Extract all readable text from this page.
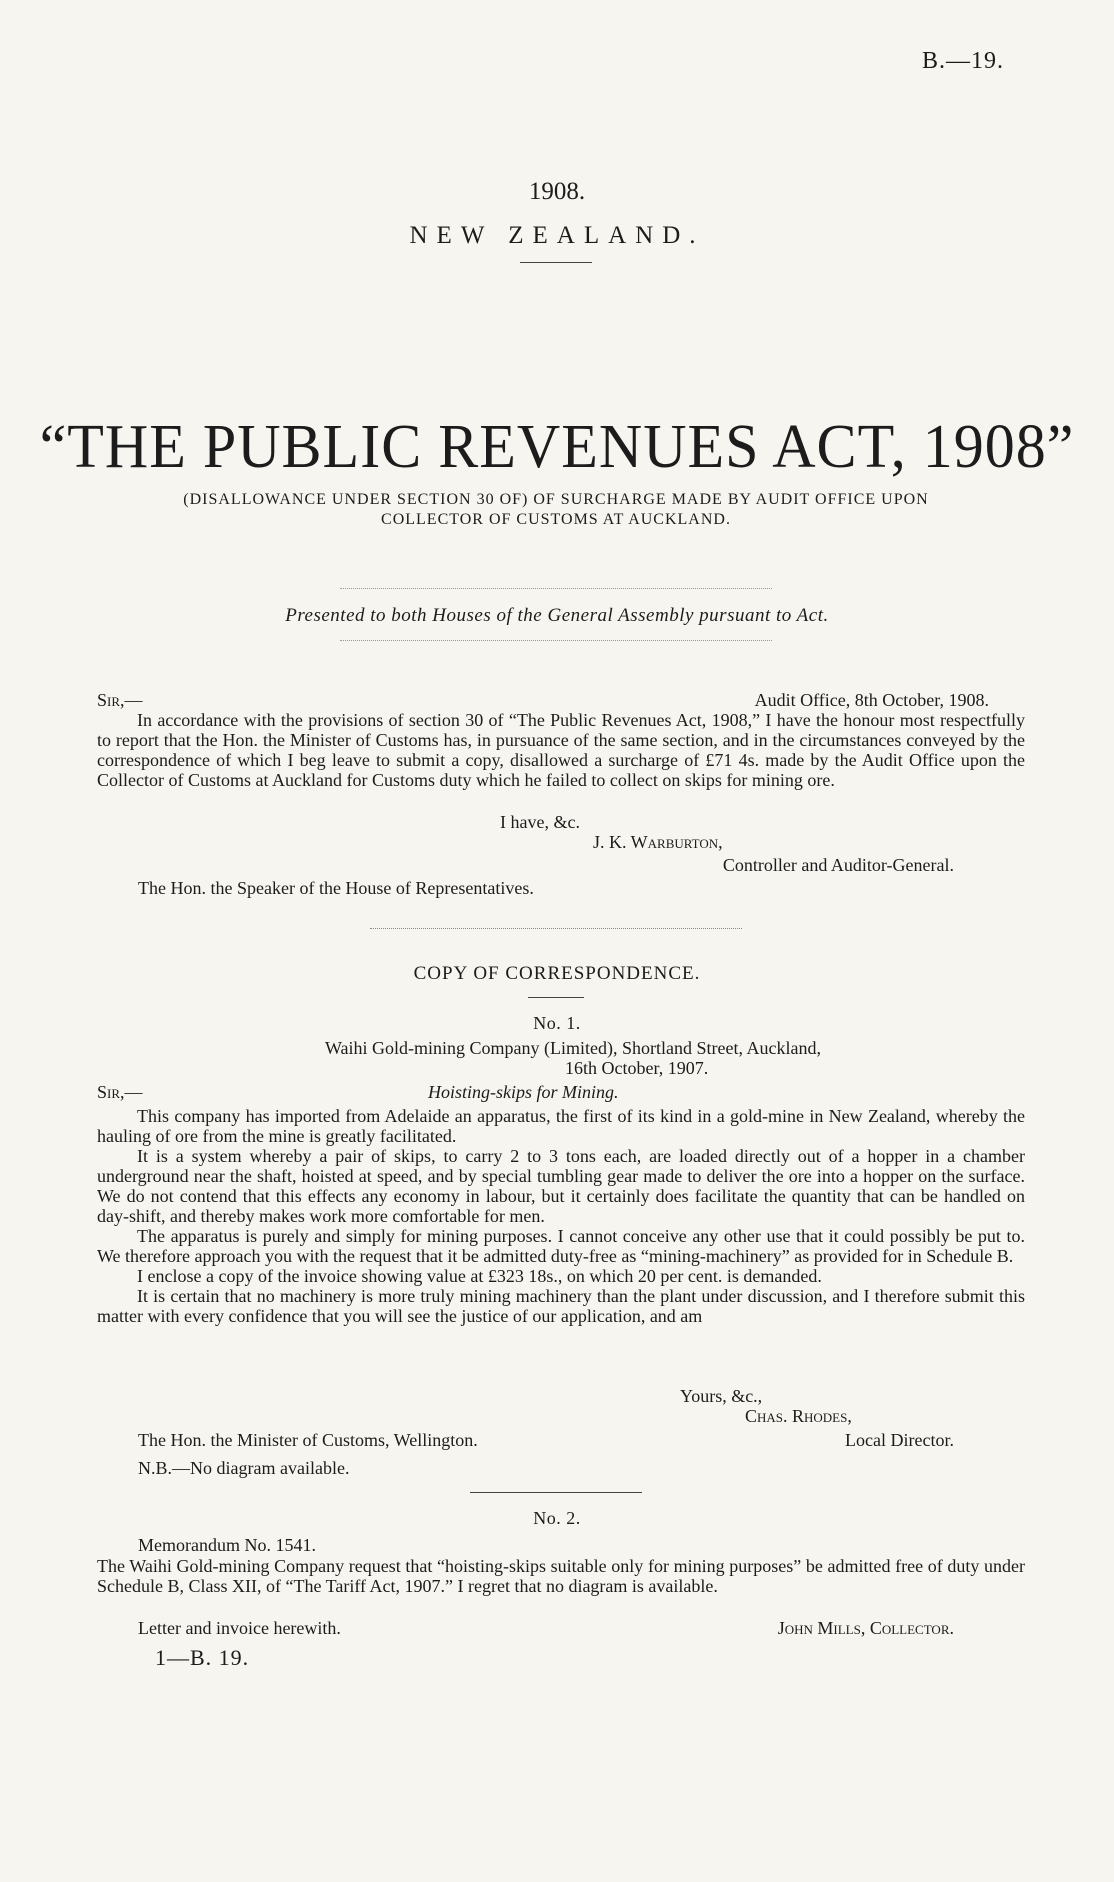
B.—19.
1908.
NEW ZEALAND.
“THE PUBLIC REVENUES ACT, 1908”
(DISALLOWANCE UNDER SECTION 30 OF) OF SURCHARGE MADE BY AUDIT OFFICE UPON
COLLECTOR OF CUSTOMS AT AUCKLAND.
Presented to both Houses of the General Assembly pursuant to Act.
Sir,—	Audit Office, 8th October, 1908.

In accordance with the provisions of section 30 of “The Public Revenues Act, 1908,” I have the honour most respectfully to report that the Hon. the Minister of Customs has, in pursuance of the same section, and in the circumstances conveyed by the correspondence of which I beg leave to submit a copy, disallowed a surcharge of £71 4s. made by the Audit Office upon the Collector of Customs at Auckland for Customs duty which he failed to collect on skips for mining ore.

I have, &c.
J. K. Warburton,
Controller and Auditor-General.
The Hon. the Speaker of the House of Representatives.
COPY OF CORRESPONDENCE.
No. 1.
Waihi Gold-mining Company (Limited), Shortland Street, Auckland,
16th October, 1907.
Sir,—	Hoisting-skips for Mining.

This company has imported from Adelaide an apparatus, the first of its kind in a gold-mine in New Zealand, whereby the hauling of ore from the mine is greatly facilitated.

It is a system whereby a pair of skips, to carry 2 to 3 tons each, are loaded directly out of a hopper in a chamber underground near the shaft, hoisted at speed, and by special tumbling gear made to deliver the ore into a hopper on the surface. We do not contend that this effects any economy in labour, but it certainly does facilitate the quantity that can be handled on day-shift, and thereby makes work more comfortable for men.

The apparatus is purely and simply for mining purposes. I cannot conceive any other use that it could possibly be put to. We therefore approach you with the request that it be admitted duty-free as “mining-machinery” as provided for in Schedule B.

I enclose a copy of the invoice showing value at £323 18s., on which 20 per cent. is demanded.

It is certain that no machinery is more truly mining machinery than the plant under discussion, and I therefore submit this matter with every confidence that you will see the justice of our application, and am

Yours, &c.,
Chas. Rhodes,
Local Director.
The Hon. the Minister of Customs, Wellington.
N.B.—No diagram available.
No. 2.
Memorandum No. 1541.

The Waihi Gold-mining Company request that “hoisting-skips suitable only for mining purposes” be admitted free of duty under Schedule B, Class XII, of “The Tariff Act, 1907.” I regret that no diagram is available.

Letter and invoice herewith.	John Mills, Collector.
1—B. 19.
